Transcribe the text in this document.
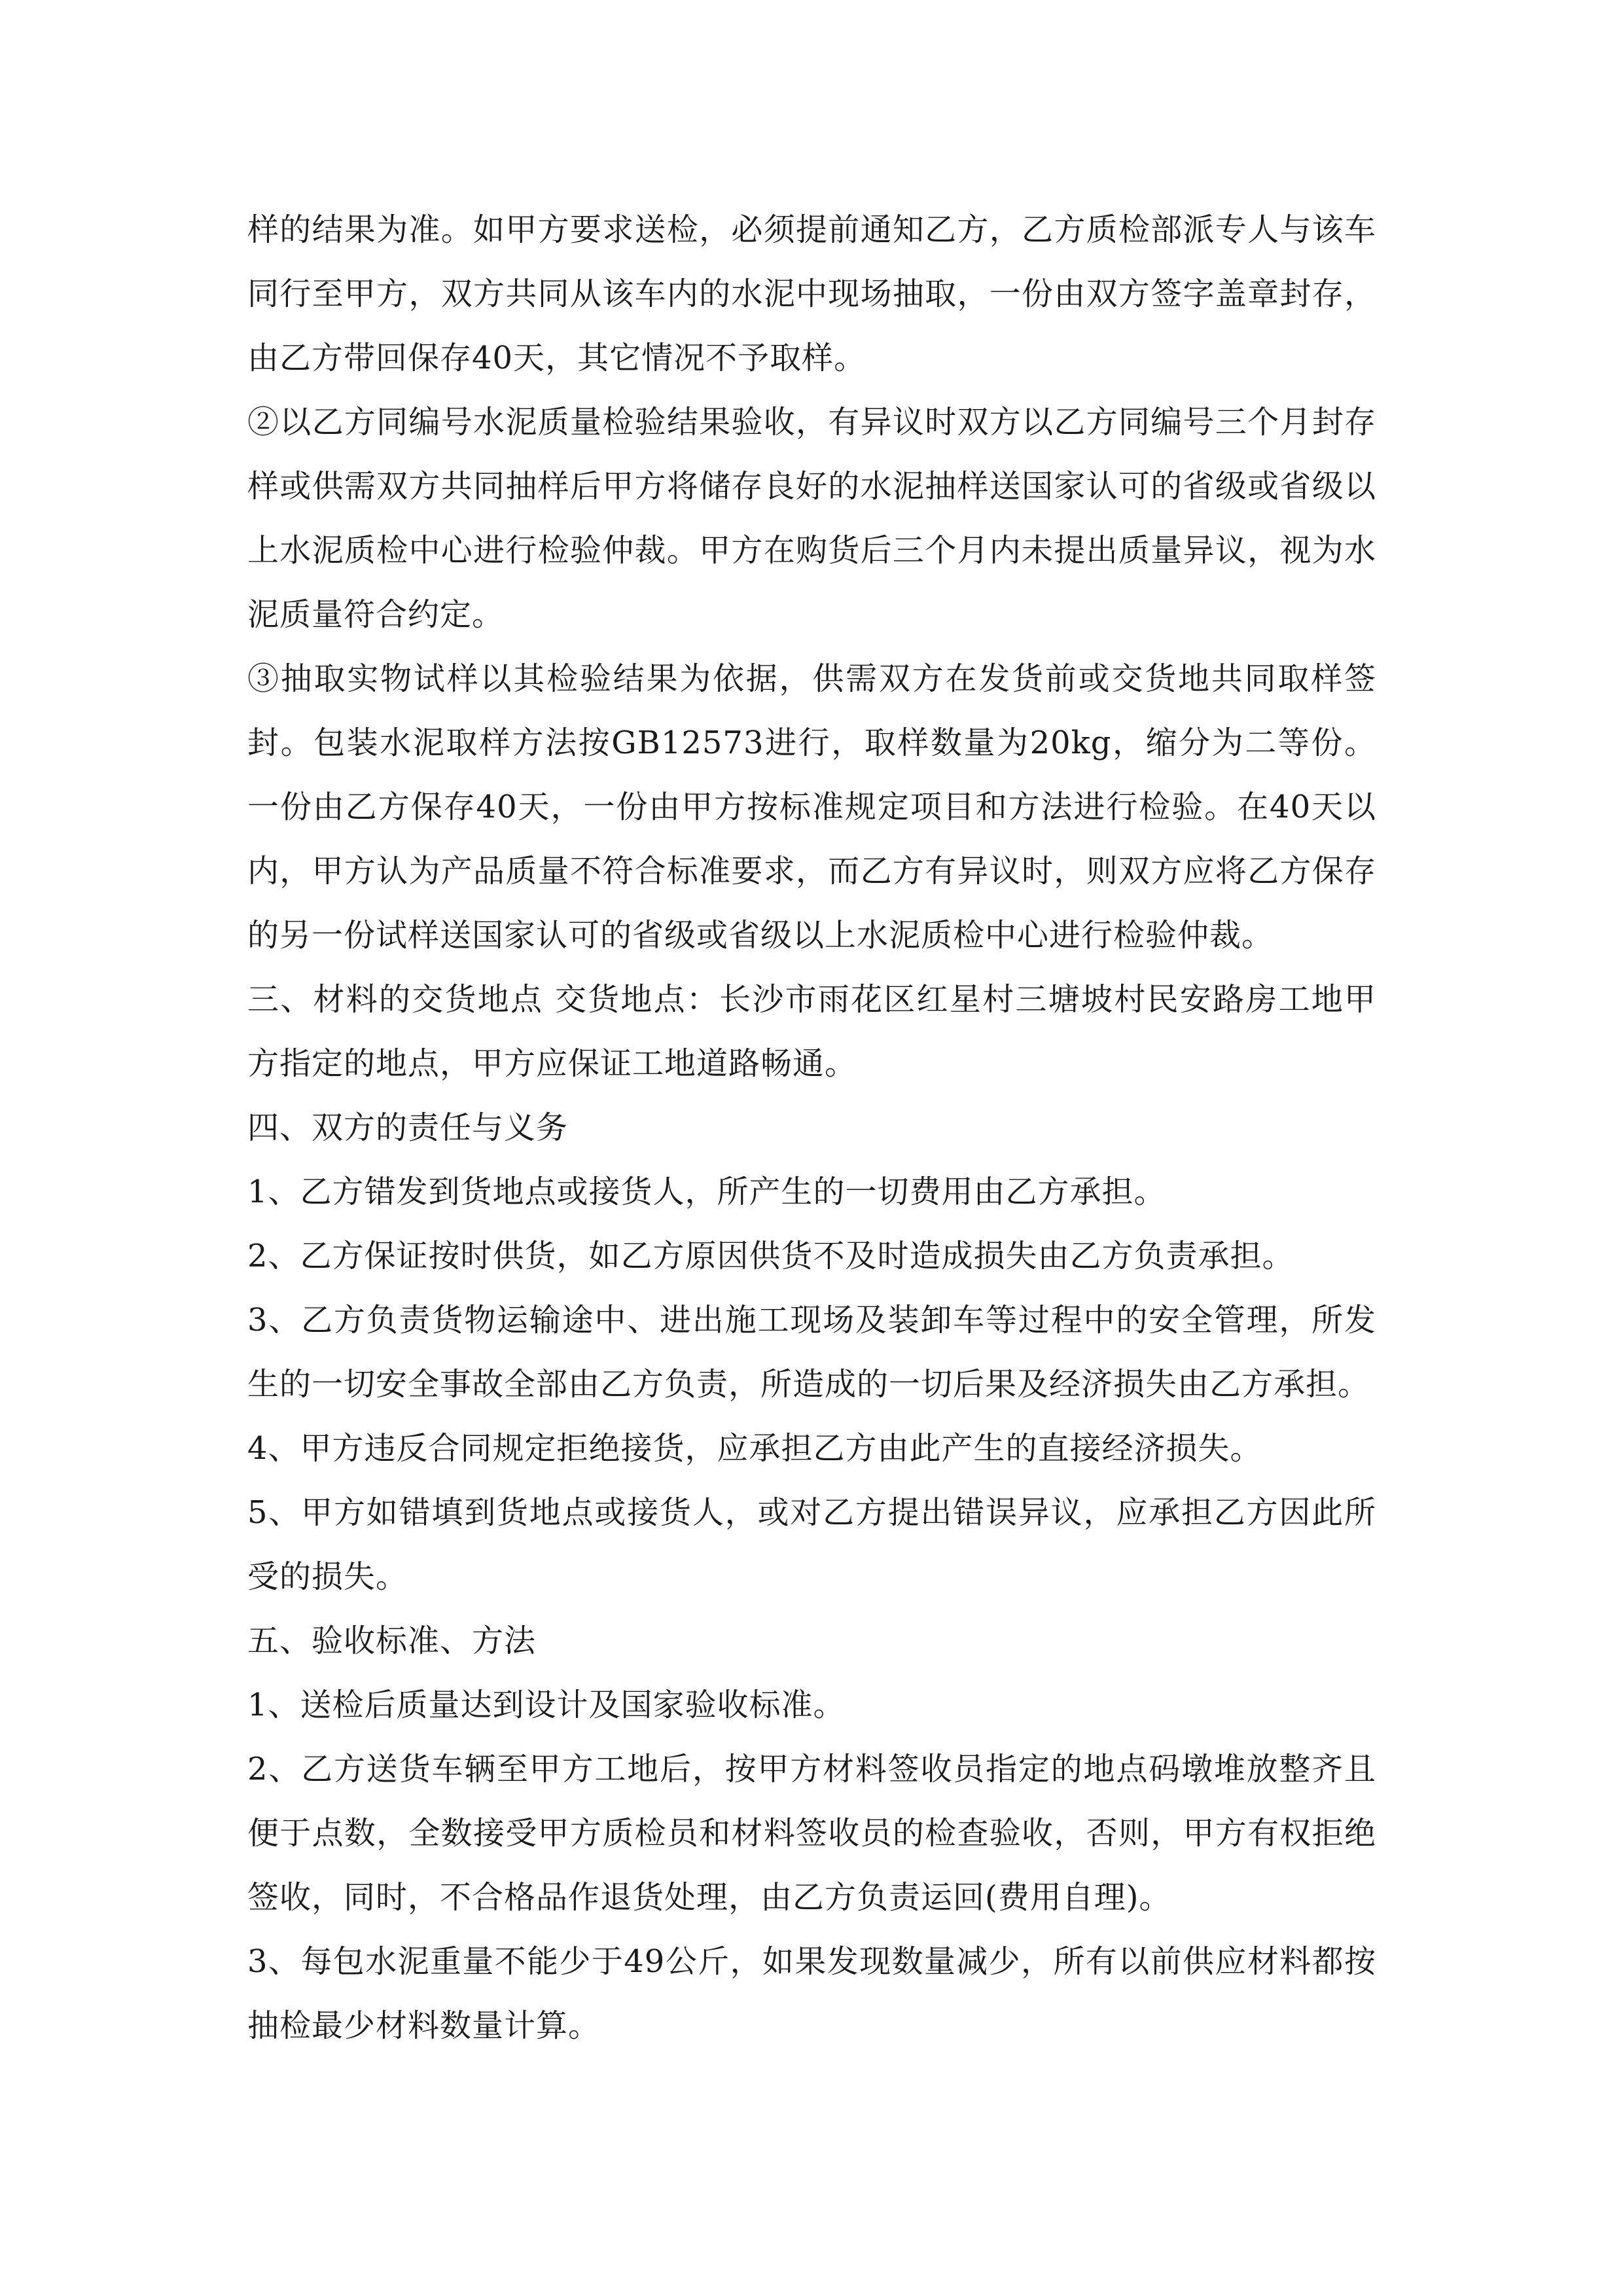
样的结果为准。如甲方要求送检，必须提前通知乙方，乙方质检部派专人与该车同行至甲方，双方共同从该车内的水泥中现场抽取，一份由双方签字盖章封存，由乙方带回保存40天，其它情况不予取样。

②以乙方同编号水泥质量检验结果验收，有异议时双方以乙方同编号三个月封存样或供需双方共同抽样后甲方将储存良好的水泥抽样送国家认可的省级或省级以上水泥质检中心进行检验仲裁。甲方在购货后三个月内未提出质量异议，视为水泥质量符合约定。

③抽取实物试样以其检验结果为依据，供需双方在发货前或交货地共同取样签封。包装水泥取样方法按GB12573进行，取样数量为20kg，缩分为二等份。一份由乙方保存40天，一份由甲方按标准规定项目和方法进行检验。在40天以内，甲方认为产品质量不符合标准要求，而乙方有异议时，则双方应将乙方保存的另一份试样送国家认可的省级或省级以上水泥质检中心进行检验仲裁。

三、材料的交货地点 交货地点：长沙市雨花区红星村三塘坡村民安路房工地甲方指定的地点，甲方应保证工地道路畅通。

四、双方的责任与义务

1、乙方错发到货地点或接货人，所产生的一切费用由乙方承担。

2、乙方保证按时供货，如乙方原因供货不及时造成损失由乙方负责承担。

3、乙方负责货物运输途中、进出施工现场及装卸车等过程中的安全管理，所发生的一切安全事故全部由乙方负责，所造成的一切后果及经济损失由乙方承担。

4、甲方违反合同规定拒绝接货，应承担乙方由此产生的直接经济损失。

5、甲方如错填到货地点或接货人，或对乙方提出错误异议，应承担乙方因此所受的损失。

五、验收标准、方法

1、送检后质量达到设计及国家验收标准。

2、乙方送货车辆至甲方工地后，按甲方材料签收员指定的地点码墩堆放整齐且便于点数，全数接受甲方质检员和材料签收员的检查验收，否则，甲方有权拒绝签收，同时，不合格品作退货处理，由乙方负责运回(费用自理)。

3、每包水泥重量不能少于49公斤，如果发现数量减少，所有以前供应材料都按抽检最少材料数量计算。
